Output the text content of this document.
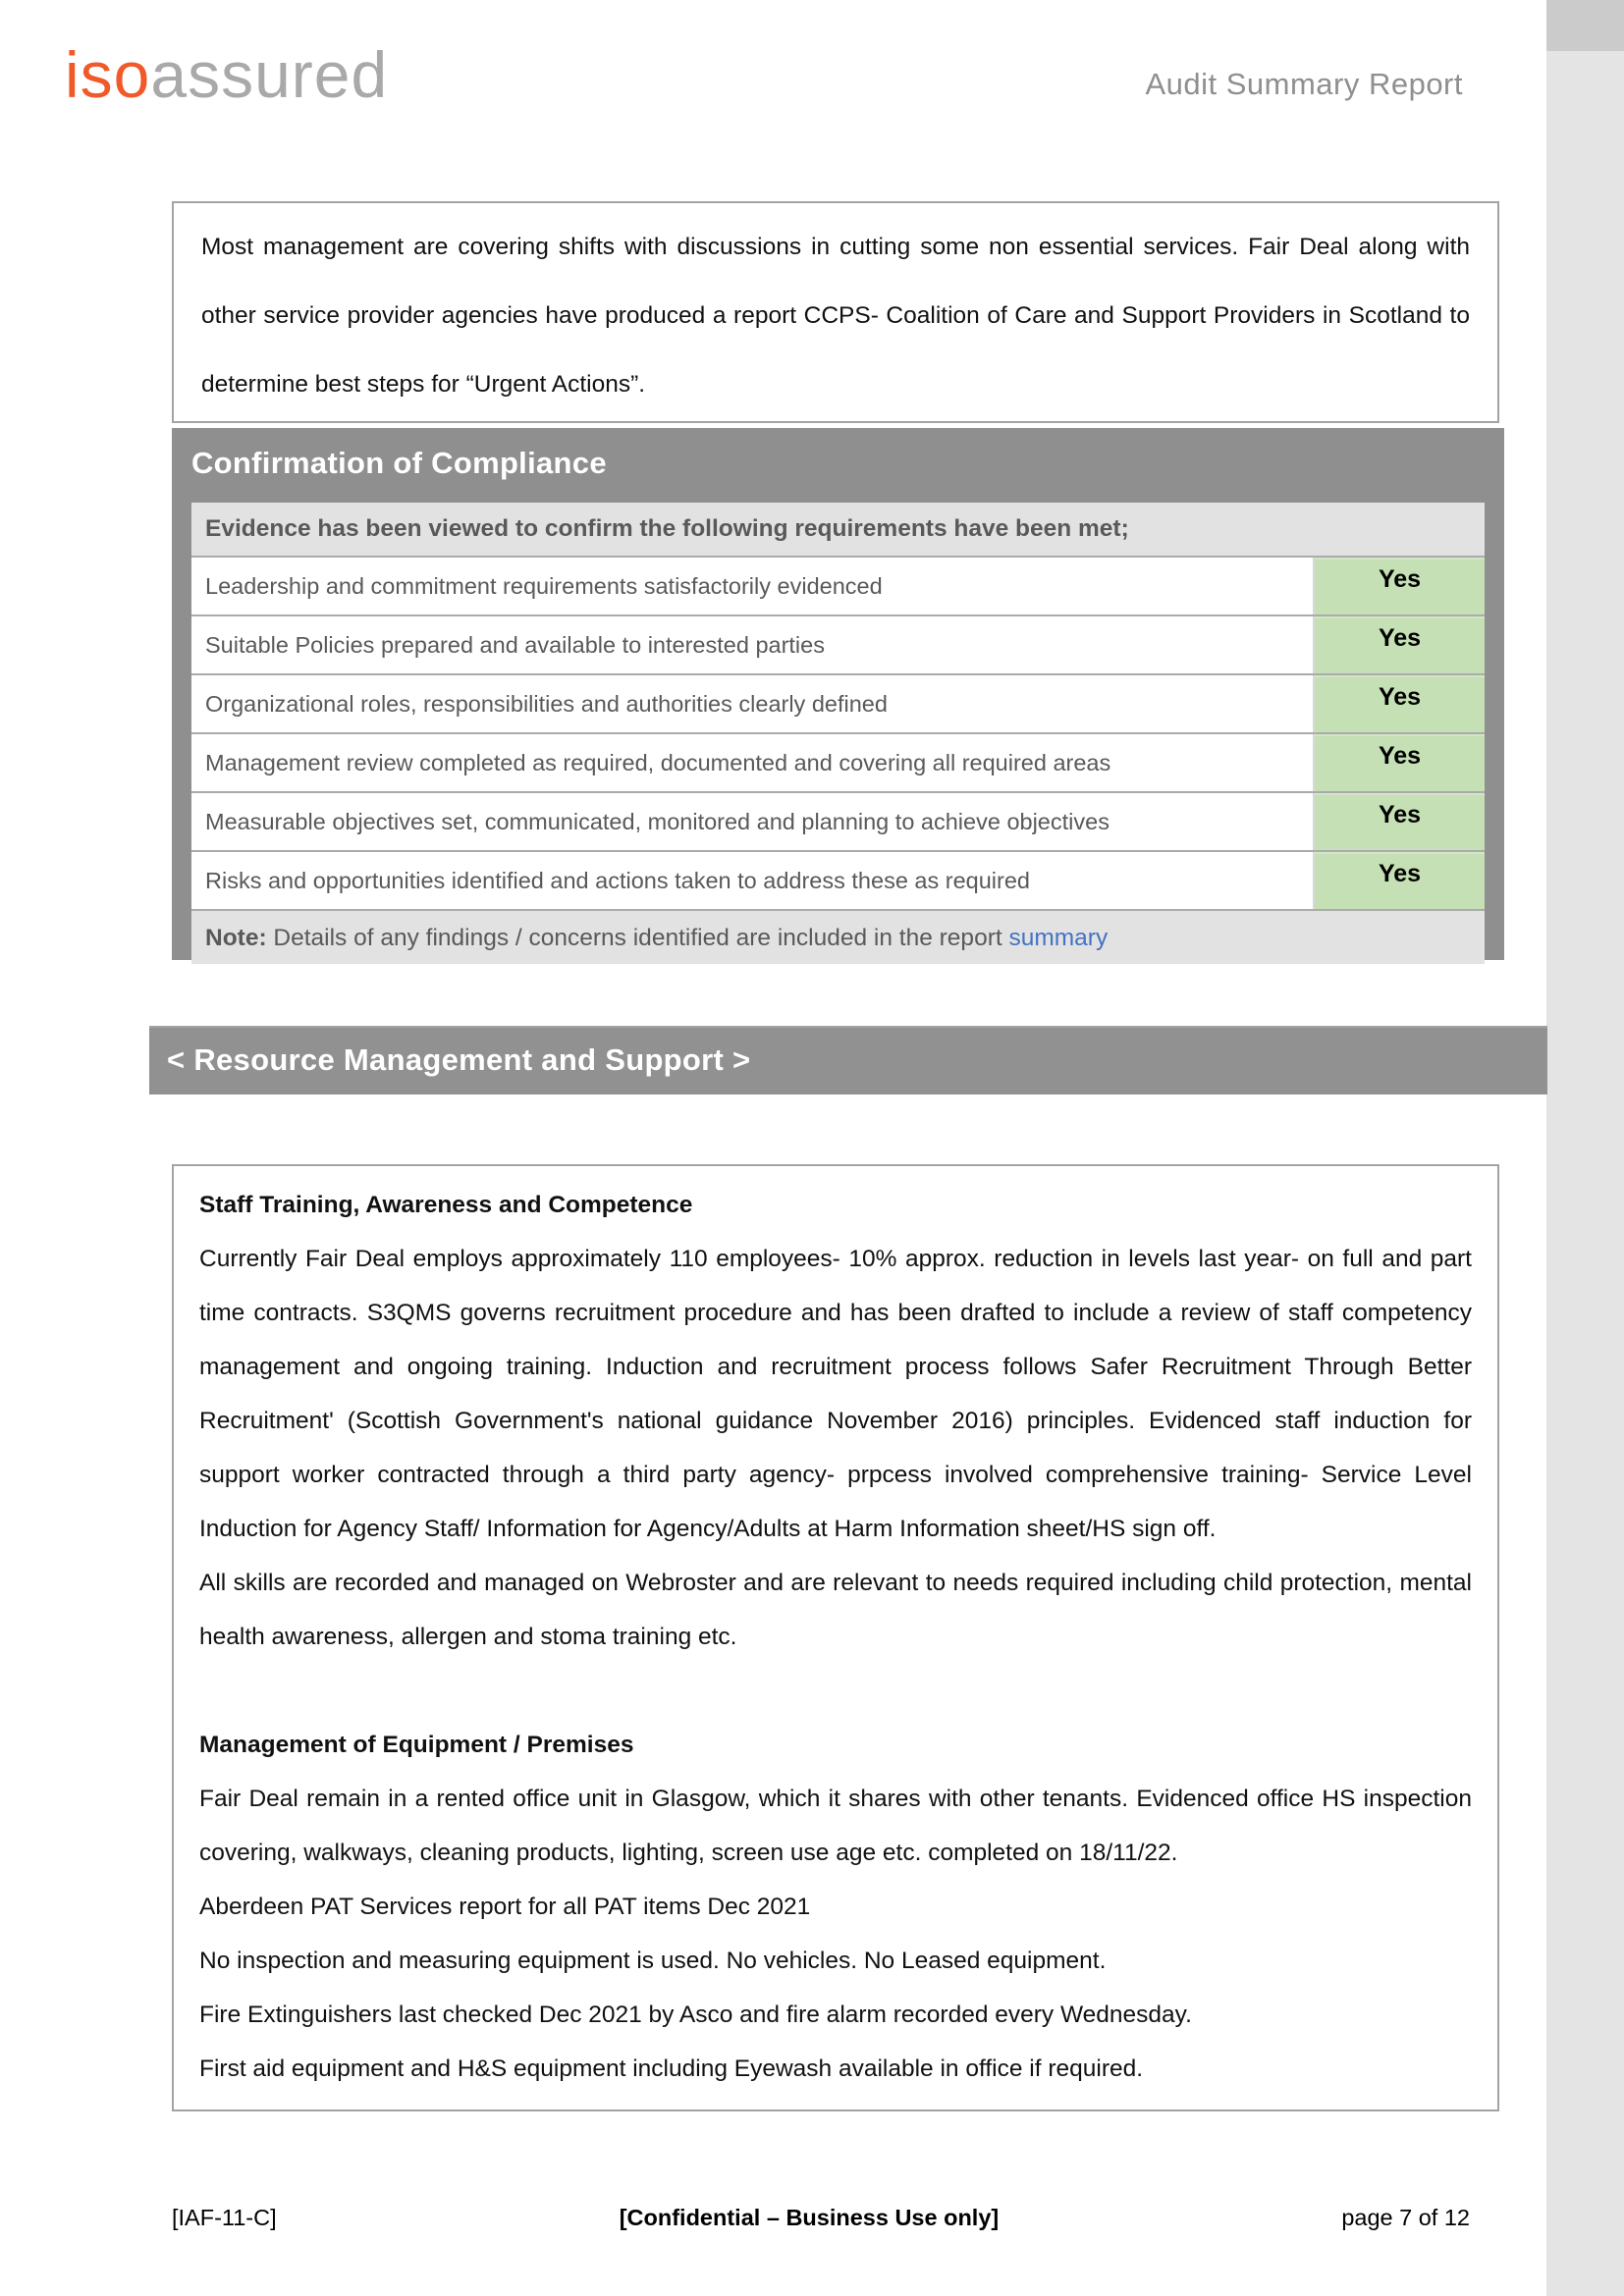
isoassured	Audit Summary Report

Most management are covering shifts with discussions in cutting some non essential services. Fair Deal along with other service provider agencies have produced a report CCPS- Coalition of Care and Support Providers in Scotland to determine best steps for “Urgent Actions”.

Confirmation of Compliance
Evidence has been viewed to confirm the following requirements have been met;
Leadership and commitment requirements satisfactorily evidenced	Yes
Suitable Policies prepared and available to interested parties	Yes
Organizational roles, responsibilities and authorities clearly defined	Yes
Management review completed as required, documented and covering all required areas	Yes
Measurable objectives set, communicated, monitored and planning to achieve objectives	Yes
Risks and opportunities identified and actions taken to address these as required	Yes
Note: Details of any findings / concerns identified are included in the report summary
< Resource Management and Support >

Staff Training, Awareness and Competence

Currently Fair Deal employs approximately 110 employees- 10% approx. reduction in levels last year- on full and part time contracts. S3QMS governs recruitment procedure and has been drafted to include a review of staff competency management and ongoing training. Induction and recruitment process follows Safer Recruitment Through Better Recruitment' (Scottish Government's national guidance November 2016) principles. Evidenced staff induction for support worker contracted through a third party agency- prpcess involved comprehensive training- Service Level Induction for Agency Staff/ Information for Agency/Adults at Harm Information sheet/HS sign off.

All skills are recorded and managed on Webroster and are relevant to needs required including child protection, mental health awareness, allergen and stoma training etc.

Management of Equipment / Premises

Fair Deal remain in a rented office unit in Glasgow, which it shares with other tenants. Evidenced office HS inspection covering, walkways, cleaning products, lighting, screen use age etc. completed on 18/11/22.

Aberdeen PAT Services report for all PAT items Dec 2021

No inspection and measuring equipment is used. No vehicles. No Leased equipment.

Fire Extinguishers last checked Dec 2021 by Asco and fire alarm recorded every Wednesday.

First aid equipment and H&S equipment including Eyewash available in office if required.

[IAF-11-C]	[Confidential – Business Use only]	page 7 of 12
